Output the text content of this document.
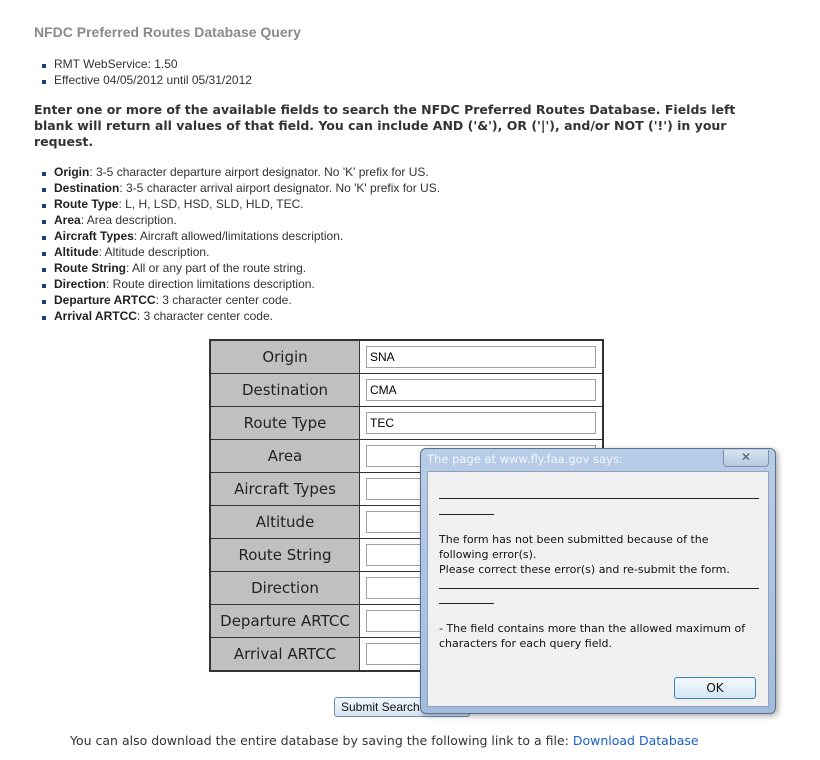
NFDC Preferred Routes Database Query
RMT WebService: 1.50
Effective 04/05/2012 until 05/31/2012
Enter one or more of the available fields to search the NFDC Preferred Routes Database. Fields left blank will return all values of that field. You can include AND ('&'), OR ('|'), and/or NOT ('!') in your request.
Origin: 3-5 character departure airport designator. No 'K' prefix for US.
Destination: 3-5 character arrival airport designator. No 'K' prefix for US.
Route Type: L, H, LSD, HSD, SLD, HLD, TEC.
Area: Area description.
Aircraft Types: Aircraft allowed/limitations description.
Altitude: Altitude description.
Route String: All or any part of the route string.
Direction: Route direction limitations description.
Departure ARTCC: 3 character center code.
Arrival ARTCC: 3 character center code.
Origin	SNA
Destination	CMA
Route Type	TEC
Area	
Aircraft Types	
Altitude	
Route String	
Direction	
Departure ARTCC	
Arrival ARTCC	
Submit Search
You can also download the entire database by saving the following link to a file: Download Database
The page at www.fly.faa.gov says:	✕
The form has not been submitted because of the following error(s).
Please correct these error(s) and re-submit the form.
- The field contains more than the allowed maximum of characters for each query field.
OK
